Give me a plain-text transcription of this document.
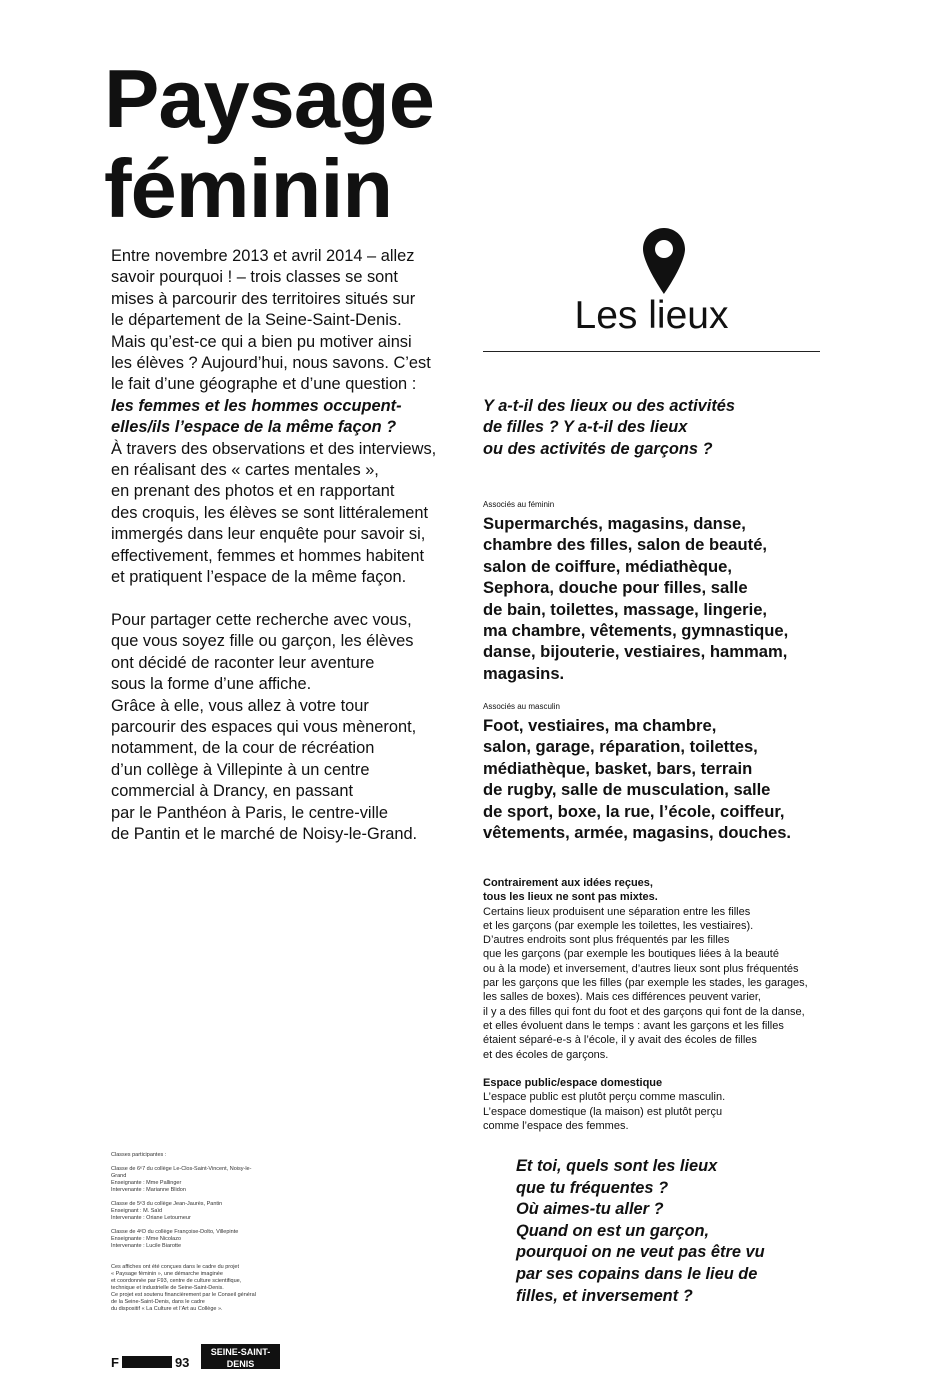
Paysage
féminin
Entre novembre 2013 et avril 2014 – allez
savoir pourquoi ! – trois classes se sont
mises à parcourir des territoires situés sur
le département de la Seine-Saint-Denis.
Mais qu’est-ce qui a bien pu motiver ainsi
les élèves ? Aujourd’hui, nous savons. C’est
le fait d’une géographe et d’une question :
les femmes et les hommes occupent-
elles/ils l’espace de la même façon ?
À travers des observations et des interviews,
en réalisant des « cartes mentales »,
en prenant des photos et en rapportant
des croquis, les élèves se sont littéralement
immergés dans leur enquête pour savoir si,
effectivement, femmes et hommes habitent
et pratiquent l’espace de la même façon.
Pour partager cette recherche avec vous,
que vous soyez fille ou garçon, les élèves
ont décidé de raconter leur aventure
sous la forme d’une affiche.
Grâce à elle, vous allez à votre tour
parcourir des espaces qui vous mèneront,
notamment, de la cour de récréation
d’un collège à Villepinte à un centre
commercial à Drancy, en passant
par le Panthéon à Paris, le centre-ville
de Pantin et le marché de Noisy-le-Grand.
Les lieux
Y a-t-il des lieux ou des activités
de filles ? Y a-t-il des lieux
ou des activités de garçons ?
Associés au féminin
Supermarchés, magasins, danse,
chambre des filles, salon de beauté,
salon de coiffure, médiathèque,
Sephora, douche pour filles, salle
de bain, toilettes, massage, lingerie,
ma chambre, vêtements, gymnastique,
danse, bijouterie, vestiaires, hammam,
magasins.
Associés au masculin
Foot, vestiaires, ma chambre,
salon, garage, réparation, toilettes,
médiathèque, basket, bars, terrain
de rugby, salle de musculation, salle
de sport, boxe, la rue, l’école, coiffeur,
vêtements, armée, magasins, douches.
Contrairement aux idées reçues,
tous les lieux ne sont pas mixtes.
Certains lieux produisent une séparation entre les filles
et les garçons (par exemple les toilettes, les vestiaires).
D’autres endroits sont plus fréquentés par les filles
que les garçons (par exemple les boutiques liées à la beauté
ou à la mode) et inversement, d’autres lieux sont plus fréquentés
par les garçons que les filles (par exemple les stades, les garages,
les salles de boxes). Mais ces différences peuvent varier,
il y a des filles qui font du foot et des garçons qui font de la danse,
et elles évoluent dans le temps : avant les garçons et les filles
étaient séparé-e-s à l’école, il y avait des écoles de filles
et des écoles de garçons.
Espace public/espace domestique
L’espace public est plutôt perçu comme masculin.
L’espace domestique (la maison) est plutôt perçu
comme l’espace des femmes.
Et toi, quels sont les lieux
que tu fréquentes ?
Où aimes-tu aller ?
Quand on est un garçon,
pourquoi on ne veut pas être vu
par ses copains dans le lieu de
filles, et inversement ?
Classes participantes :
Classe de 6ᵉ7 du collège Le-Clos-Saint-Vincent, Noisy-le-
Grand
Enseignante : Mme Pallinger
Intervenante : Marianne Blidon
Classe de 5ᵉ3 du collège Jean-Jaurès, Pantin
Enseignant : M. Saïd
Intervenante : Oriane Letourneur
Classe de 4ᵉD du collège Françoise-Dolto, Villepinte
Enseignante : Mme Nicolazo
Intervenante : Lucile Biarotte
Ces affiches ont été conçues dans le cadre du projet
« Paysage féminin », une démarche imaginée
et coordonnée par F93, centre de culture scientifique,
technique et industrielle de Seine-Saint-Denis.
Ce projet est soutenu financièrement par le Conseil général
de la Seine-Saint-Denis, dans le cadre
du dispositif « La Culture et l’Art au Collège ».
F	93
SEINE-SAINT-DENIS
LE DÉPARTEMENT
